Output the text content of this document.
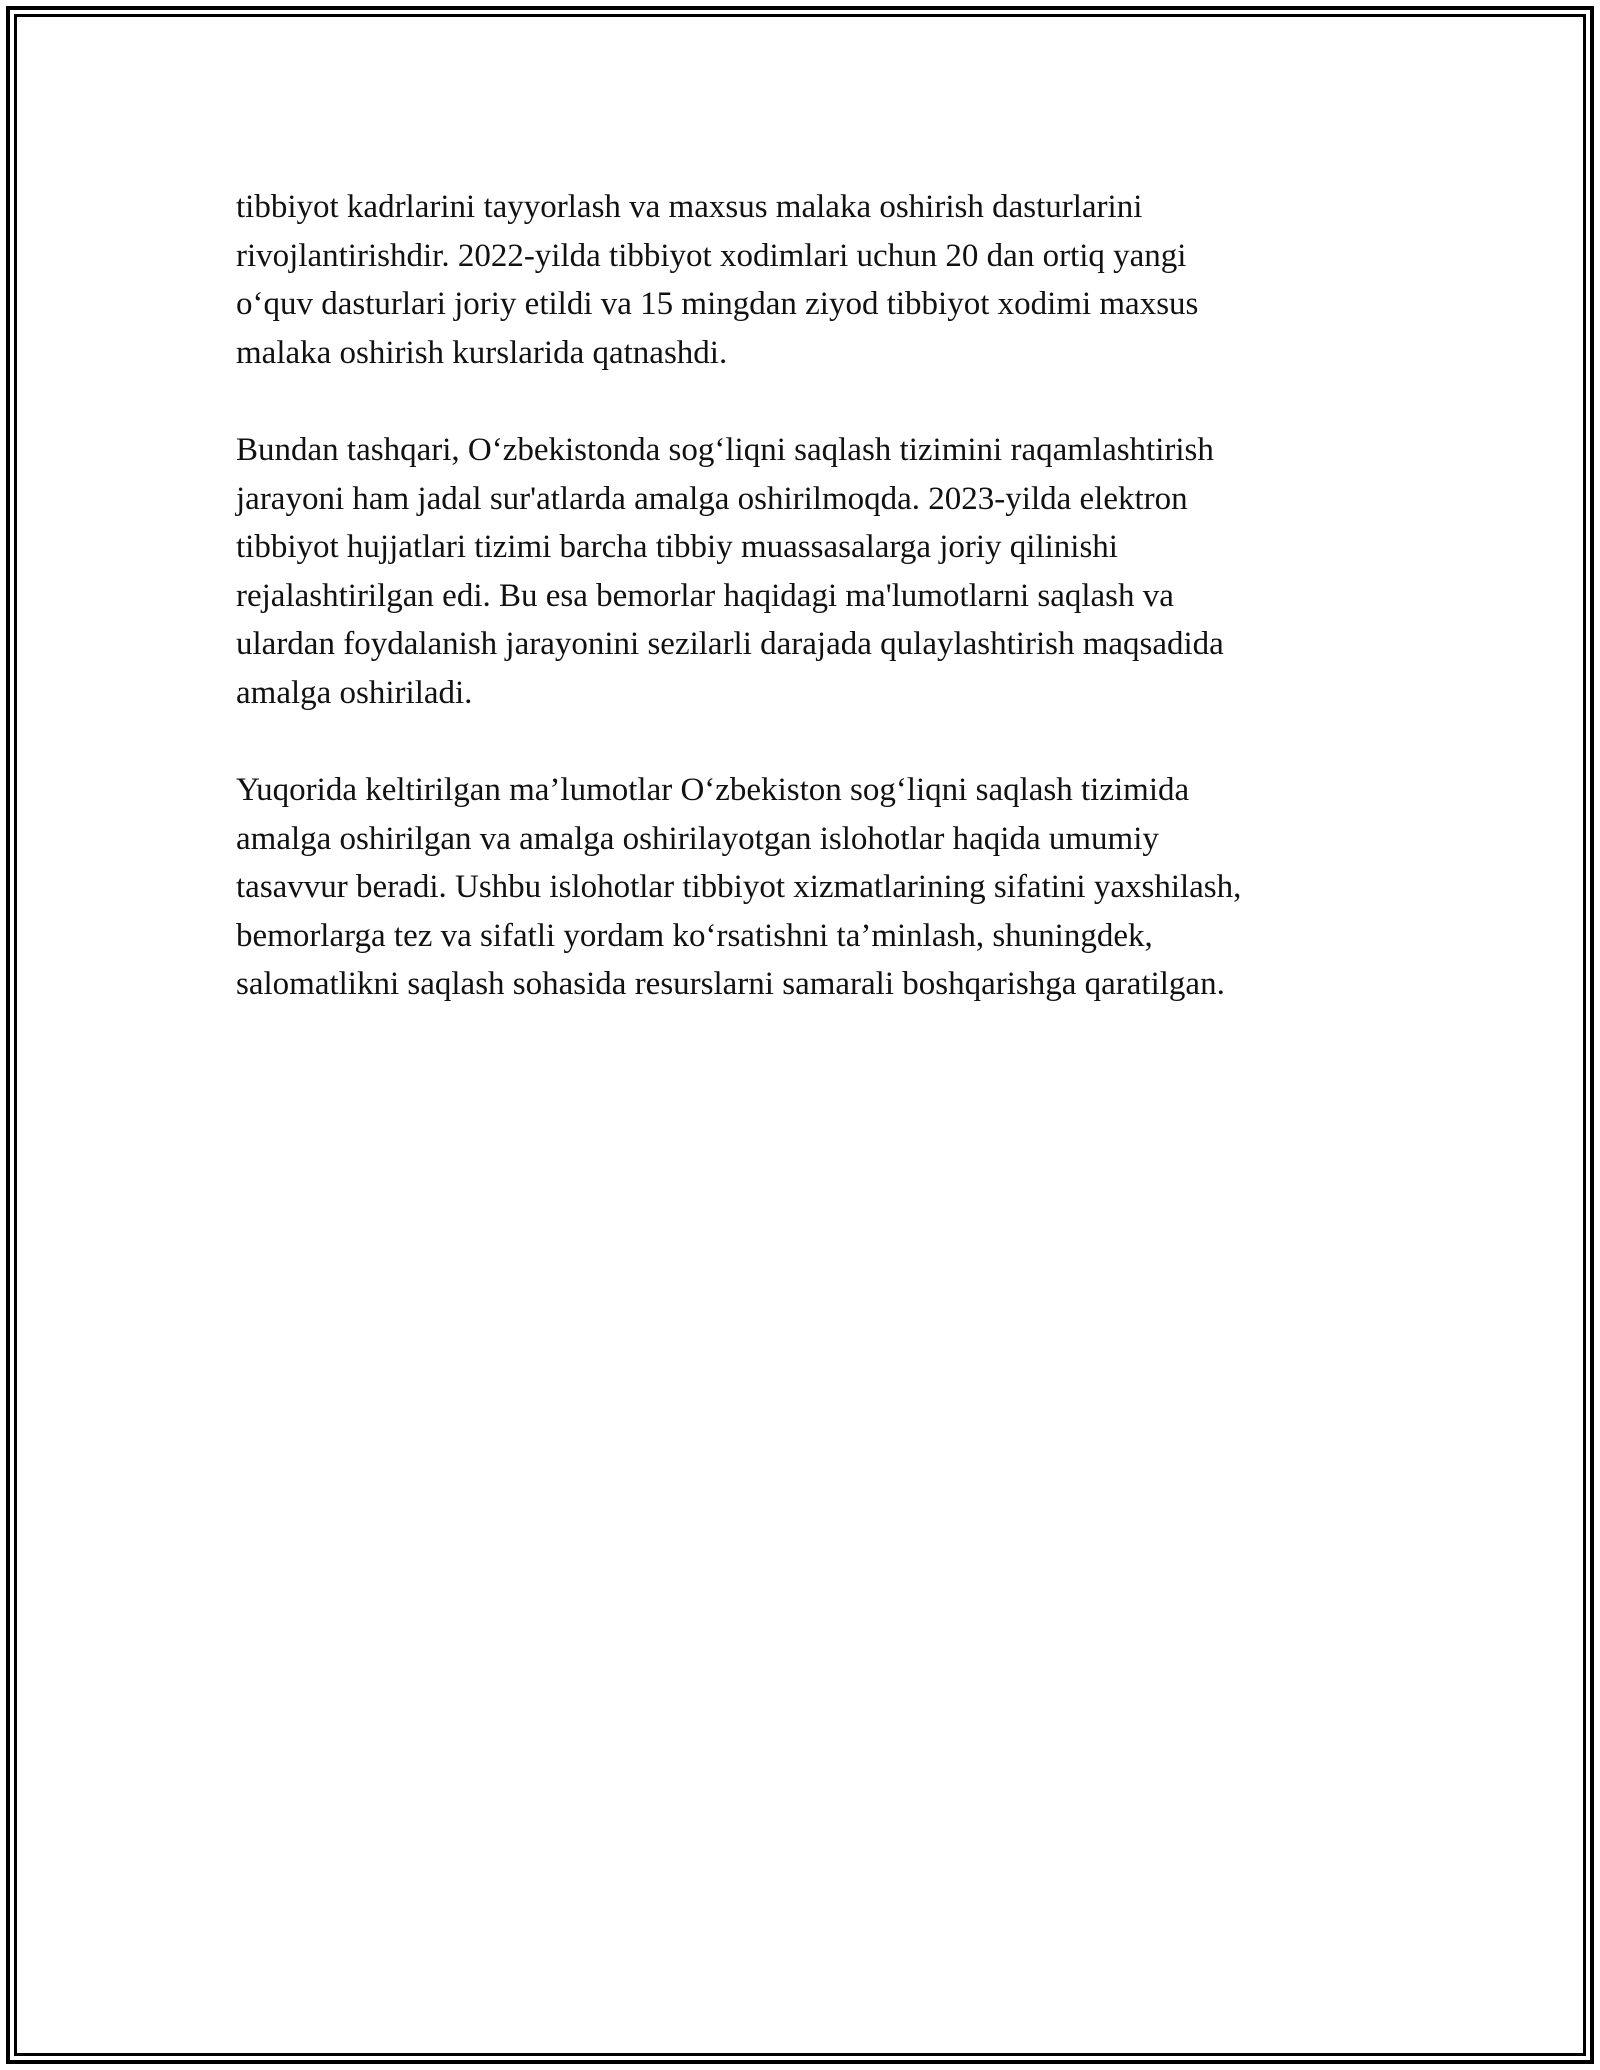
tibbiyot kadrlarini tayyorlash va maxsus malaka oshirish dasturlarini
rivojlantirishdir. 2022-yilda tibbiyot xodimlari uchun 20 dan ortiq yangi
o‘quv dasturlari joriy etildi va 15 mingdan ziyod tibbiyot xodimi maxsus
malaka oshirish kurslarida qatnashdi.

Bundan tashqari, O‘zbekistonda sog‘liqni saqlash tizimini raqamlashtirish
jarayoni ham jadal sur'atlarda amalga oshirilmoqda. 2023-yilda elektron
tibbiyot hujjatlari tizimi barcha tibbiy muassasalarga joriy qilinishi
rejalashtirilgan edi. Bu esa bemorlar haqidagi ma'lumotlarni saqlash va
ulardan foydalanish jarayonini sezilarli darajada qulaylashtirish maqsadida
amalga oshiriladi.

Yuqorida keltirilgan ma’lumotlar O‘zbekiston sog‘liqni saqlash tizimida
amalga oshirilgan va amalga oshirilayotgan islohotlar haqida umumiy
tasavvur beradi. Ushbu islohotlar tibbiyot xizmatlarining sifatini yaxshilash,
bemorlarga tez va sifatli yordam ko‘rsatishni ta’minlash, shuningdek,
salomatlikni saqlash sohasida resurslarni samarali boshqarishga qaratilgan.
